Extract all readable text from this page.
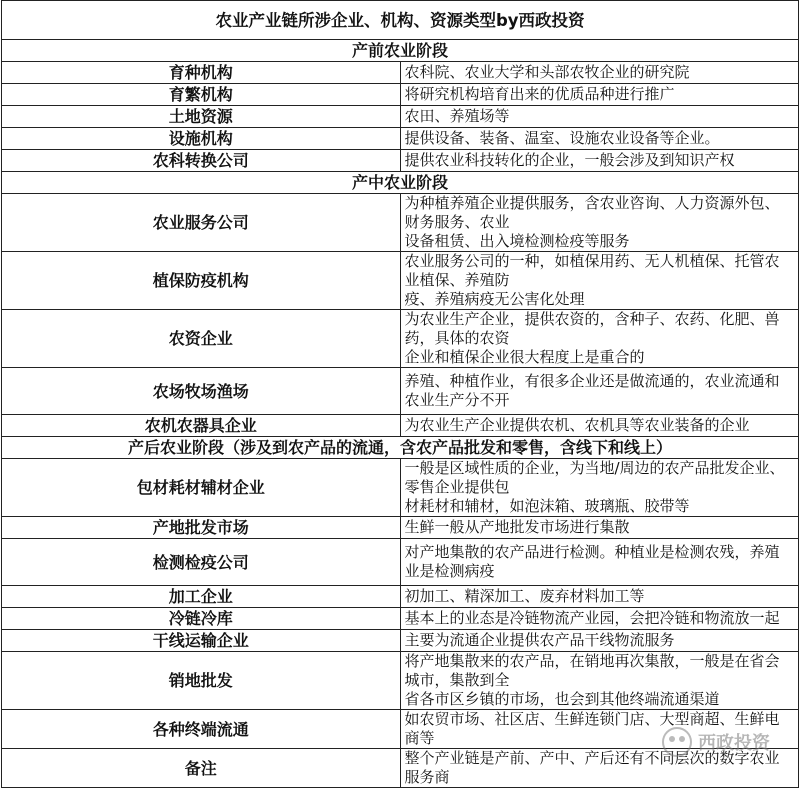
农业产业链所涉企业、机构、资源类型by西政投资	
产前农业阶段	
育种机构	农科院、农业大学和头部农牧企业的研究院

育繁机构	将研究机构培育出来的优质品种进行推广

土地资源	农田、养殖场等

设施机构	提供设备、装备、温室、设施农业设备等企业。

农科转换公司	提供农业科技转化的企业，一般会涉及到知识产权

产中农业阶段	
农业服务公司	为种植养殖企业提供服务，含农业咨询、人力资源外包、财务服务、农业
设备租赁、出入境检测检疫等服务

植保防疫机构	农业服务公司的一种，如植保用药、无人机植保、托管农业植保、养殖防
疫、养殖病疫无公害化处理

农资企业	为农业生产企业，提供农资的，含种子、农药、化肥、兽药，具体的农资
企业和植保企业很大程度上是重合的

农场牧场渔场	养殖、种植作业，有很多企业还是做流通的，农业流通和农业生产分不开

农机农器具企业	为农业生产企业提供农机、农机具等农业装备的企业

产后农业阶段（涉及到农产品的流通，含农产品批发和零售，含线下和线上）	
包材耗材辅材企业	一般是区域性质的企业，为当地/周边的农产品批发企业、零售企业提供包
材耗材和辅材，如泡沫箱、玻璃瓶、胶带等

产地批发市场	生鲜一般从产地批发市场进行集散

检测检疫公司	对产地集散的农产品进行检测。种植业是检测农残，养殖业是检测病疫

加工企业	初加工、精深加工、废弃材料加工等

冷链冷库	基本上的业态是冷链物流产业园，会把冷链和物流放一起

干线运输企业	主要为流通企业提供农产品干线物流服务

销地批发	将产地集散来的农产品，在销地再次集散，一般是在省会城市，集散到全
省各市区乡镇的市场，也会到其他终端流通渠道

各种终端流通	如农贸市场、社区店、生鲜连锁门店、大型商超、生鲜电商等

备注	整个产业链是产前、产中、产后还有不同层次的数字农业服务商
西政投资
